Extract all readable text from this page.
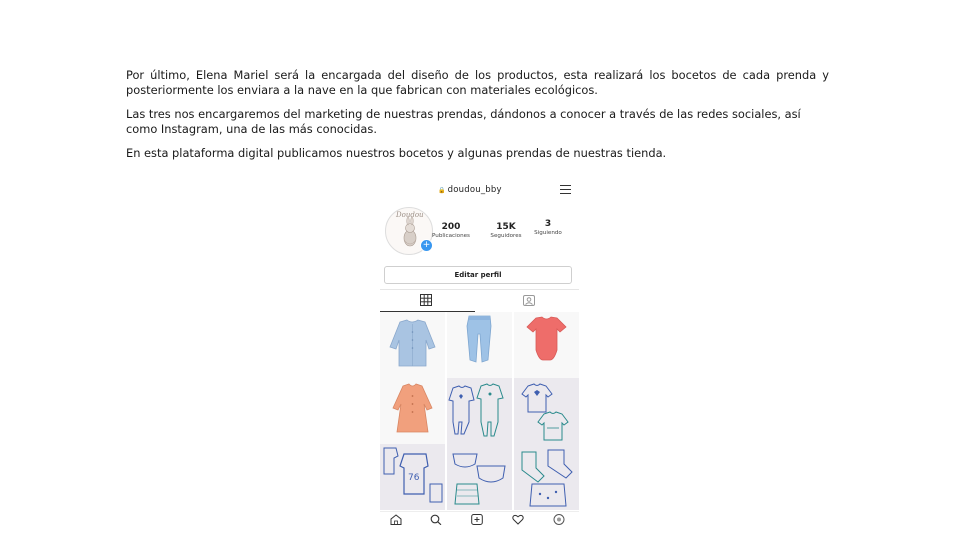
Por último, Elena Mariel será la encargada del diseño de los productos, esta realizará los bocetos de cada prenda y posteriormente los enviara a la nave en la que fabrican con materiales ecológicos.

Las tres nos encargaremos del marketing de nuestras prendas, dándonos a conocer a través de las redes sociales, así como Instagram, una de las más conocidas.

En esta plataforma digital publicamos nuestros bocetos y algunas prendas de nuestras tienda.

🔒 doudou_bby
Doudou
+
200
Publicaciones
15K
Seguidores
3
Siguiendo
Editar perfil
76
